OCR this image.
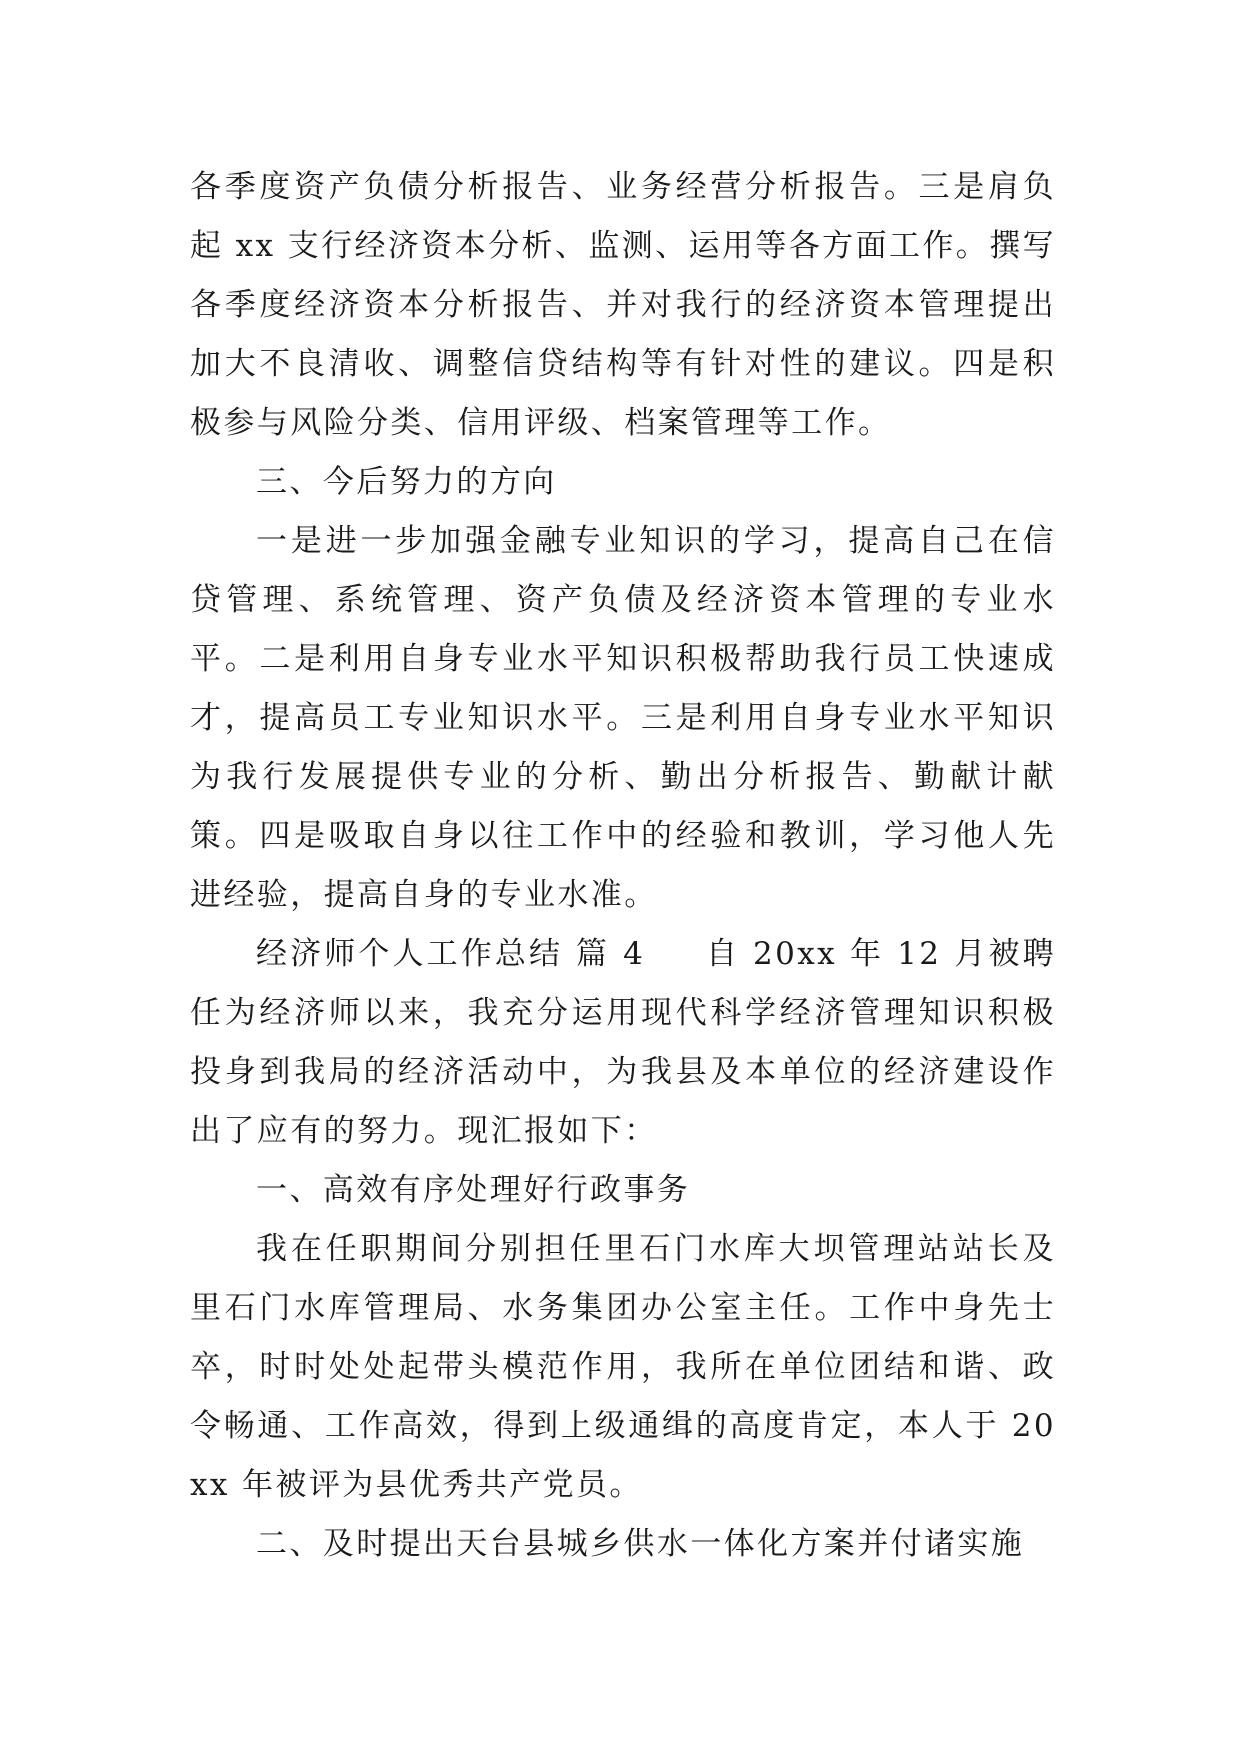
各季度资产负债分析报告、业务经营分析报告。三是肩负起 xx 支行经济资本分析、监测、运用等各方面工作。撰写各季度经济资本分析报告、并对我行的经济资本管理提出加大不良清收、调整信贷结构等有针对性的建议。四是积极参与风险分类、信用评级、档案管理等工作。

三、今后努力的方向

一是进一步加强金融专业知识的学习，提高自己在信贷管理、系统管理、资产负债及经济资本管理的专业水平。二是利用自身专业水平知识积极帮助我行员工快速成才，提高员工专业知识水平。三是利用自身专业水平知识为我行发展提供专业的分析、勤出分析报告、勤献计献策。四是吸取自身以往工作中的经验和教训，学习他人先进经验，提高自身的专业水准。

经济师个人工作总结 篇 4 自 20xx 年 12 月被聘任为经济师以来，我充分运用现代科学经济管理知识积极投身到我局的经济活动中，为我县及本单位的经济建设作出了应有的努力。现汇报如下：

一、高效有序处理好行政事务

我在任职期间分别担任里石门水库大坝管理站站长及里石门水库管理局、水务集团办公室主任。工作中身先士卒，时时处处起带头模范作用，我所在单位团结和谐、政令畅通、工作高效，得到上级通缉的高度肯定，本人于 20xx 年被评为县优秀共产党员。

二、及时提出天台县城乡供水一体化方案并付诸实施
